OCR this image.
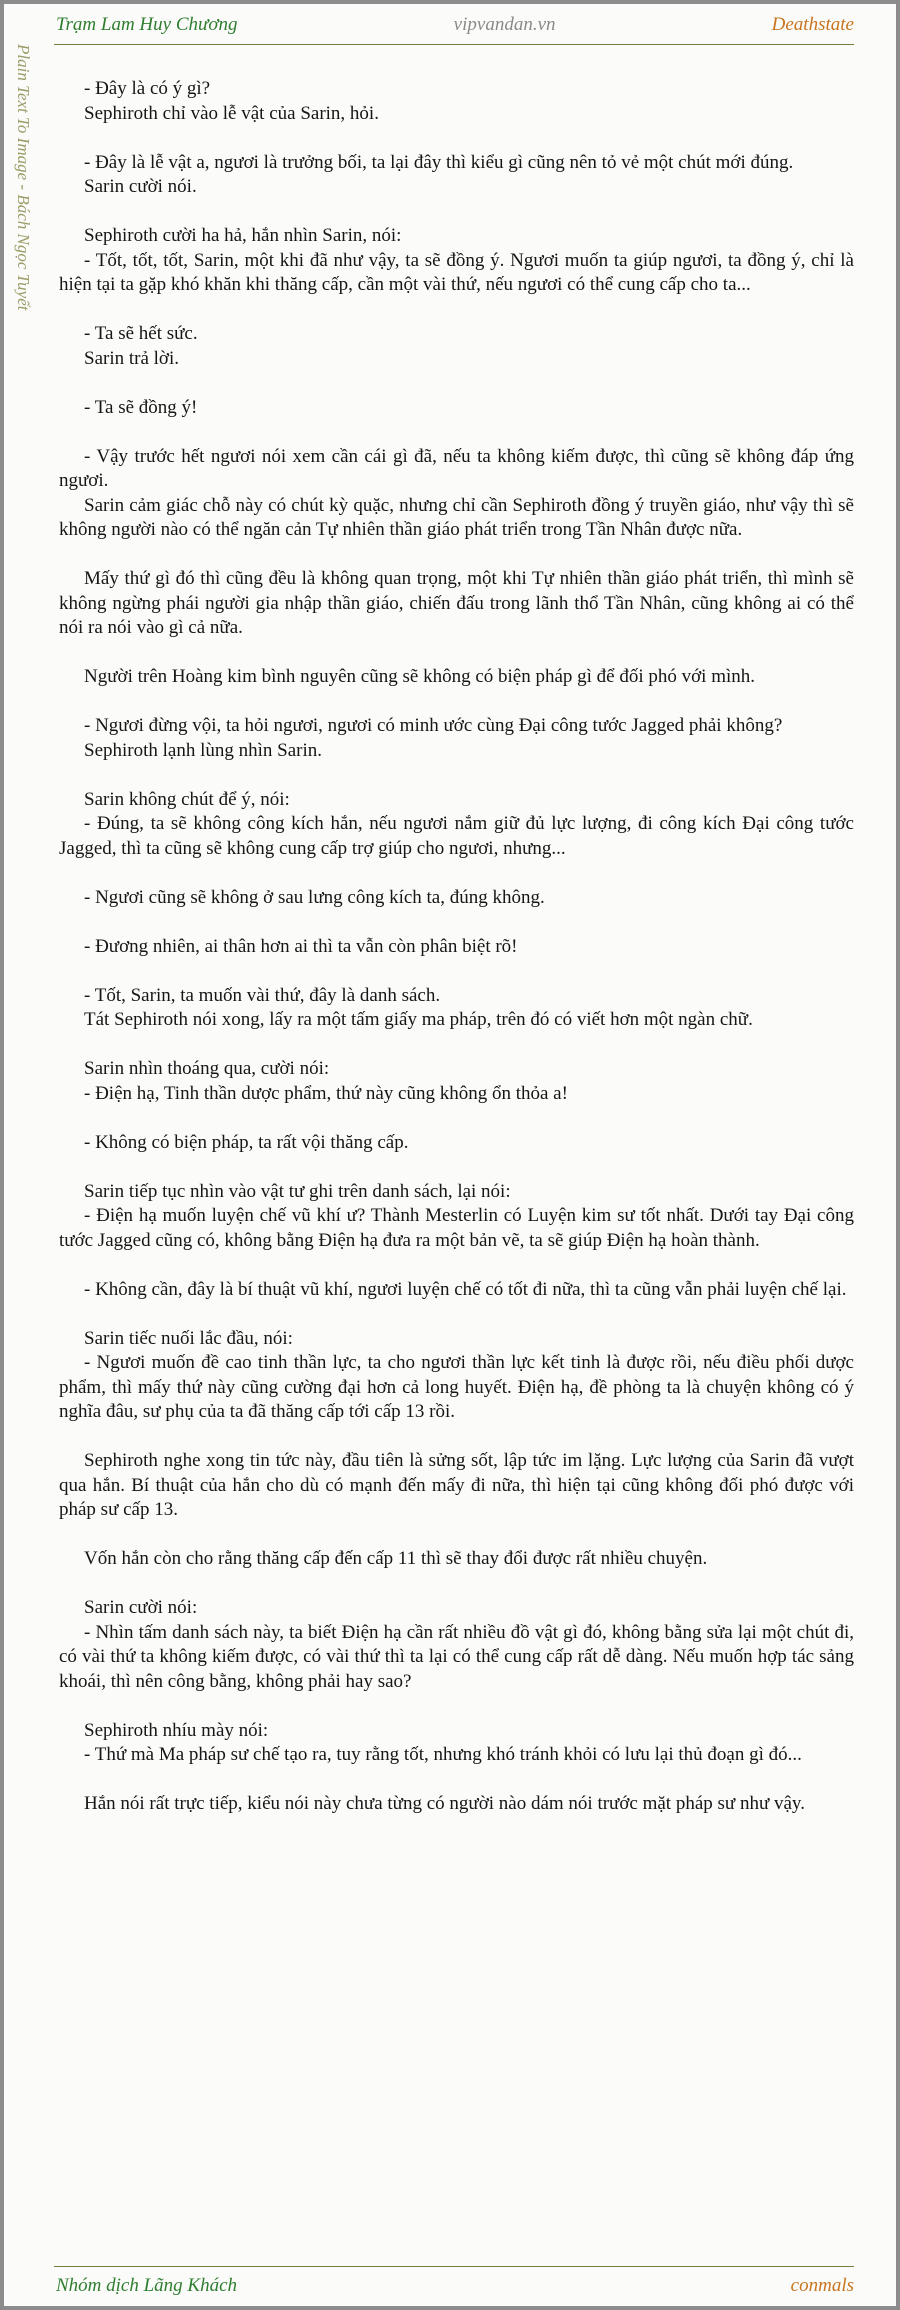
Trạm Lam Huy Chương	vipvandan.vn	Deathstate
Plain Text To Image - Bách Ngọc Tuyết	- Đây là có ý gì?

Sephiroth chỉ vào lễ vật của Sarin, hỏi.

- Đây là lễ vật a, ngươi là trưởng bối, ta lại đây thì kiểu gì cũng nên tỏ vẻ một chút mới đúng.

Sarin cười nói.

Sephiroth cười ha hả, hắn nhìn Sarin, nói:

- Tốt, tốt, tốt, Sarin, một khi đã như vậy, ta sẽ đồng ý. Ngươi muốn ta giúp ngươi, ta đồng ý, chỉ là hiện tại ta gặp khó khăn khi thăng cấp, cần một vài thứ, nếu ngươi có thể cung cấp cho ta...

- Ta sẽ hết sức.

Sarin trả lời.

- Ta sẽ đồng ý!

- Vậy trước hết ngươi nói xem cần cái gì đã, nếu ta không kiếm được, thì cũng sẽ không đáp ứng ngươi.

Sarin cảm giác chỗ này có chút kỳ quặc, nhưng chỉ cần Sephiroth đồng ý truyền giáo, như vậy thì sẽ không người nào có thể ngăn cản Tự nhiên thần giáo phát triển trong Tần Nhân được nữa.

Mấy thứ gì đó thì cũng đều là không quan trọng, một khi Tự nhiên thần giáo phát triển, thì mình sẽ không ngừng phái người gia nhập thần giáo, chiến đấu trong lãnh thổ Tần Nhân, cũng không ai có thể nói ra nói vào gì cả nữa.

Người trên Hoàng kim bình nguyên cũng sẽ không có biện pháp gì để đối phó với mình.

- Ngươi đừng vội, ta hỏi ngươi, ngươi có minh ước cùng Đại công tước Jagged phải không?

Sephiroth lạnh lùng nhìn Sarin.

Sarin không chút để ý, nói:

- Đúng, ta sẽ không công kích hắn, nếu ngươi nắm giữ đủ lực lượng, đi công kích Đại công tước Jagged, thì ta cũng sẽ không cung cấp trợ giúp cho ngươi, nhưng...

- Ngươi cũng sẽ không ở sau lưng công kích ta, đúng không.

- Đương nhiên, ai thân hơn ai thì ta vẫn còn phân biệt rõ!

- Tốt, Sarin, ta muốn vài thứ, đây là danh sách.

Tát Sephiroth nói xong, lấy ra một tấm giấy ma pháp, trên đó có viết hơn một ngàn chữ.

Sarin nhìn thoáng qua, cười nói:

- Điện hạ, Tinh thần dược phẩm, thứ này cũng không ổn thỏa a!

- Không có biện pháp, ta rất vội thăng cấp.

Sarin tiếp tục nhìn vào vật tư ghi trên danh sách, lại nói:

- Điện hạ muốn luyện chế vũ khí ư? Thành Mesterlin có Luyện kim sư tốt nhất. Dưới tay Đại công tước Jagged cũng có, không bằng Điện hạ đưa ra một bản vẽ, ta sẽ giúp Điện hạ hoàn thành.

- Không cần, đây là bí thuật vũ khí, ngươi luyện chế có tốt đi nữa, thì ta cũng vẫn phải luyện chế lại.

Sarin tiếc nuối lắc đầu, nói:

- Ngươi muốn đề cao tinh thần lực, ta cho ngươi thần lực kết tinh là được rồi, nếu điều phối dược phẩm, thì mấy thứ này cũng cường đại hơn cả long huyết. Điện hạ, đề phòng ta là chuyện không có ý nghĩa đâu, sư phụ của ta đã thăng cấp tới cấp 13 rồi.

Sephiroth nghe xong tin tức này, đầu tiên là sửng sốt, lập tức im lặng. Lực lượng của Sarin đã vượt qua hắn. Bí thuật của hắn cho dù có mạnh đến mấy đi nữa, thì hiện tại cũng không đối phó được với pháp sư cấp 13.

Vốn hắn còn cho rằng thăng cấp đến cấp 11 thì sẽ thay đổi được rất nhiều chuyện.

Sarin cười nói:

- Nhìn tấm danh sách này, ta biết Điện hạ cần rất nhiều đồ vật gì đó, không bằng sửa lại một chút đi, có vài thứ ta không kiếm được, có vài thứ thì ta lại có thể cung cấp rất dễ dàng. Nếu muốn hợp tác sảng khoái, thì nên công bằng, không phải hay sao?

Sephiroth nhíu mày nói:

- Thứ mà Ma pháp sư chế tạo ra, tuy rằng tốt, nhưng khó tránh khỏi có lưu lại thủ đoạn gì đó...

Hắn nói rất trực tiếp, kiểu nói này chưa từng có người nào dám nói trước mặt pháp sư như vậy.

Nhóm dịch Lãng Khách	conmals
